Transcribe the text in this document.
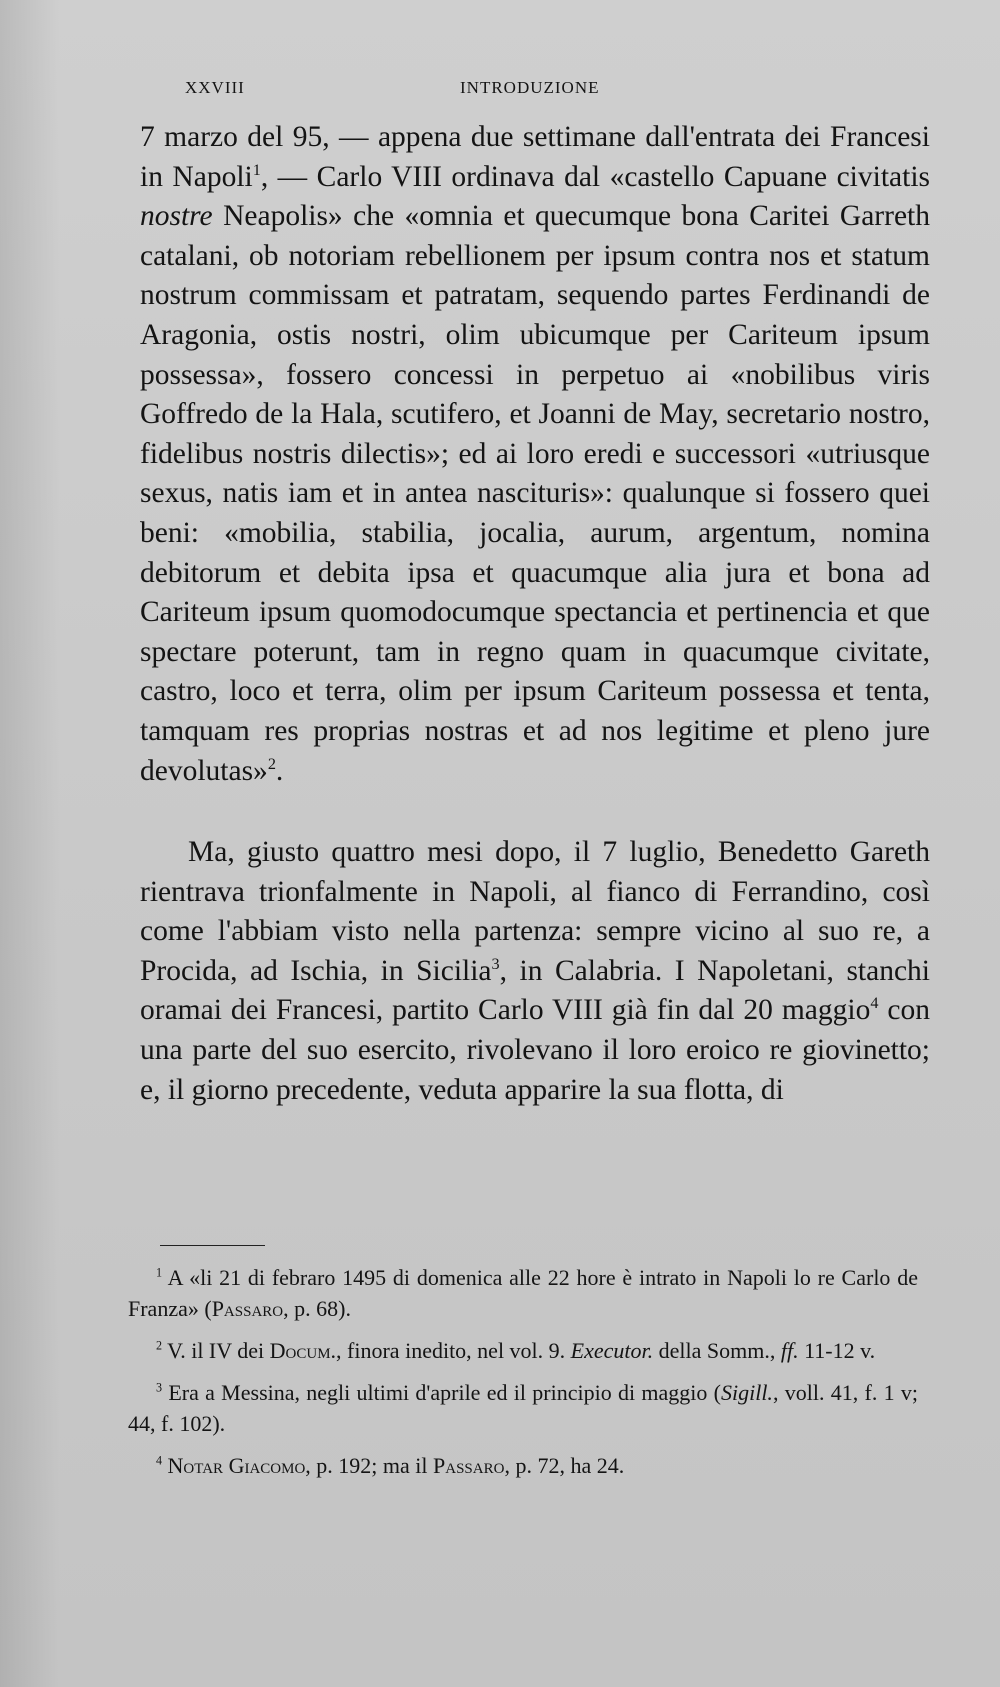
XXVIII	INTRODUZIONE

7 marzo del 95, — appena due settimane dall'entrata dei Francesi in Napoli$^1$, — Carlo VIII ordinava dal «castello Capuane civitatis nostre Neapolis» che «omnia et quecumque bona Caritei Garreth catalani, ob notoriam rebellionem per ipsum contra nos et statum nostrum commissam et patratam, sequendo partes Ferdinandi de Aragonia, ostis nostri, olim ubicumque per Cariteum ipsum possessa», fossero concessi in perpetuo ai «nobilibus viris Goffredo de la Hala, scutifero, et Joanni de May, secretario nostro, fidelibus nostris dilectis»; ed ai loro eredi e successori «utriusque sexus, natis iam et in antea nascituris»: qualunque si fossero quei beni: «mobilia, stabilia, jocalia, aurum, argentum, nomina debitorum et debita ipsa et quacumque alia jura et bona ad Cariteum ipsum quomodocumque spectancia et pertinencia et que spectare poterunt, tam in regno quam in quacumque civitate, castro, loco et terra, olim per ipsum Cariteum possessa et tenta, tamquam res proprias nostras et ad nos legitime et pleno jure devolutas»$^2$.

Ma, giusto quattro mesi dopo, il 7 luglio, Benedetto Gareth rientrava trionfalmente in Napoli, al fianco di Ferrandino, così come l'abbiam visto nella partenza: sempre vicino al suo re, a Procida, ad Ischia, in Sicilia$^3$, in Calabria. I Napoletani, stanchi oramai dei Francesi, partito Carlo VIII già fin dal 20 maggio$^4$ con una parte del suo esercito, rivolevano il loro eroico re giovinetto; e, il giorno precedente, veduta apparire la sua flotta, di

$^1$ A «li 21 di febraro 1495 di domenica alle 22 hore è intrato in Napoli lo re Carlo de Franza» (Passaro, p. 68).

$^2$ V. il IV dei Docum., finora inedito, nel vol. 9. Executor. della Somm., ff. 11-12 v.

$^3$ Era a Messina, negli ultimi d'aprile ed il principio di maggio (Sigill., voll. 41, f. 1 v; 44, f. 102).

$^4$ Notar Giacomo, p. 192; ma il Passaro, p. 72, ha 24.
